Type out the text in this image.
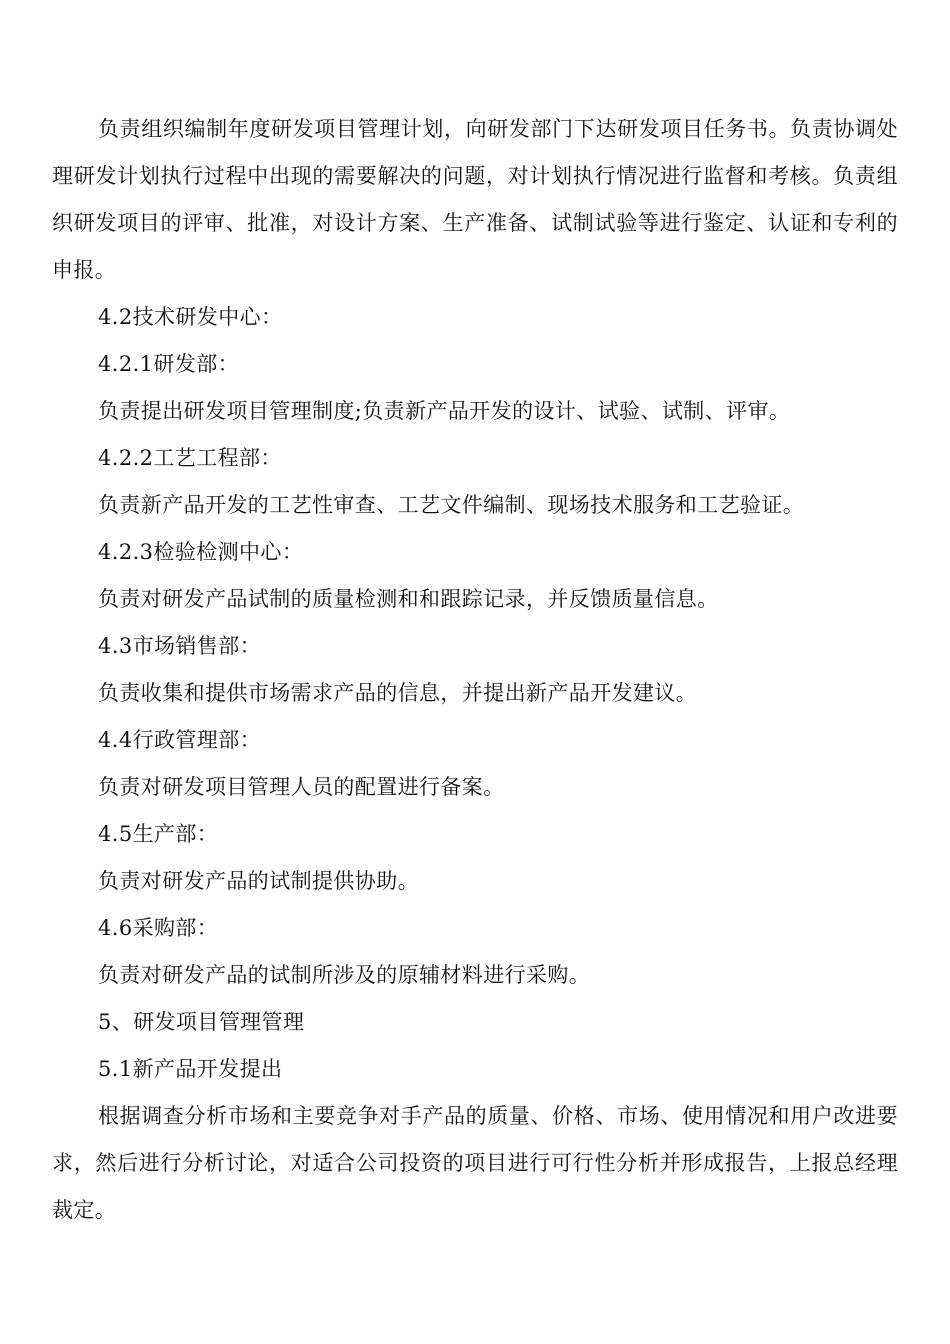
负责组织编制年度研发项目管理计划，向研发部门下达研发项目任务书。负责协调处理研发计划执行过程中出现的需要解决的问题，对计划执行情况进行监督和考核。负责组织研发项目的评审、批准，对设计方案、生产准备、试制试验等进行鉴定、认证和专利的申报。

4.2技术研发中心：

4.2.1研发部：

负责提出研发项目管理制度;负责新产品开发的设计、试验、试制、评审。

4.2.2工艺工程部：

负责新产品开发的工艺性审查、工艺文件编制、现场技术服务和工艺验证。

4.2.3检验检测中心：

负责对研发产品试制的质量检测和和跟踪记录，并反馈质量信息。

4.3市场销售部：

负责收集和提供市场需求产品的信息，并提出新产品开发建议。

4.4行政管理部：

负责对研发项目管理人员的配置进行备案。

4.5生产部：

负责对研发产品的试制提供协助。

4.6采购部：

负责对研发产品的试制所涉及的原辅材料进行采购。

5、研发项目管理管理

5.1新产品开发提出

根据调查分析市场和主要竞争对手产品的质量、价格、市场、使用情况和用户改进要求，然后进行分析讨论，对适合公司投资的项目进行可行性分析并形成报告，上报总经理裁定。
